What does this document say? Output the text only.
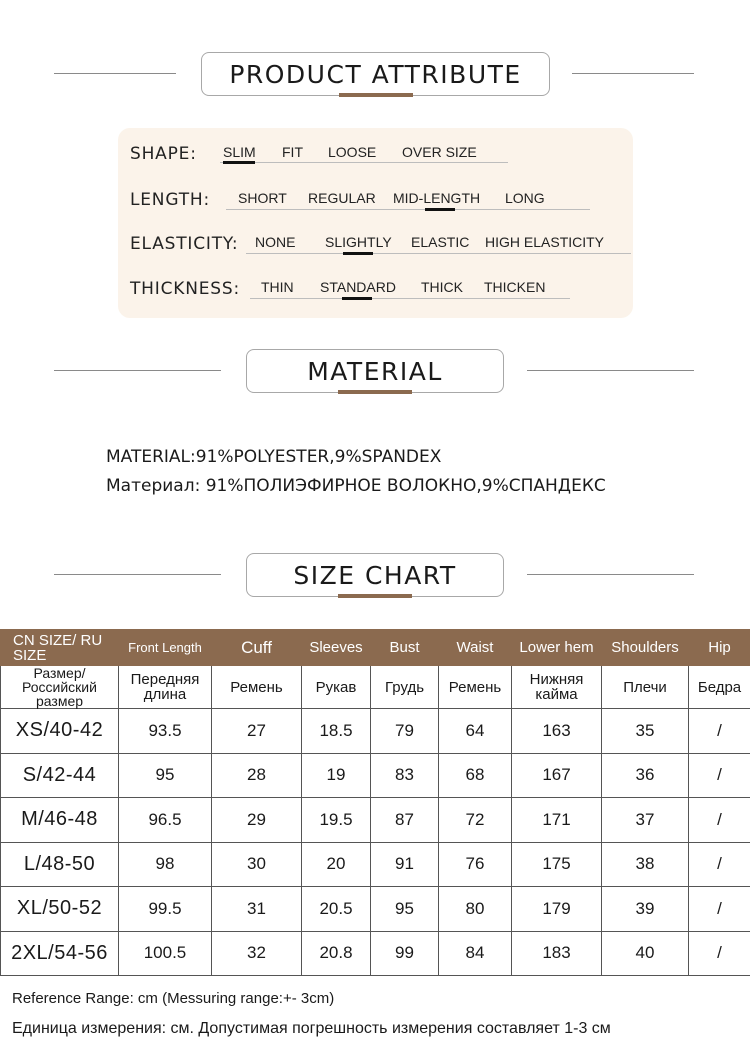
PRODUCT ATTRIBUTE
SHAPE: SLIM FIT LOOSE OVER SIZE
LENGTH: SHORT REGULAR MID-LENGTH LONG
ELASTICITY: NONE SLIGHTLY ELASTIC HIGH ELASTICITY
THICKNESS: THIN STANDARD THICK THICKEN
MATERIAL
MATERIAL:91%POLYESTER,9%SPANDEX
Материал: 91%ПОЛИЭФИРНОЕ ВОЛОКНО,9%СПАНДЕКС
SIZE CHART
CN SIZE/ RU SIZE	Front Length	Cuff	Sleeves	Bust	Waist	Lower hem	Shoulders	Hip
Размер/ Российский размер	Передняя длина	Ремень	Рукав	Грудь	Ремень	Нижняя кайма	Плечи	Бедра
XS/40-42	93.5	27	18.5	79	64	163	35	/
S/42-44	95	28	19	83	68	167	36	/
M/46-48	96.5	29	19.5	87	72	171	37	/
L/48-50	98	30	20	91	76	175	38	/
XL/50-52	99.5	31	20.5	95	80	179	39	/
2XL/54-56	100.5	32	20.8	99	84	183	40	/
Reference Range: cm (Messuring range:+- 3cm)
Единица измерения: см. Допустимая погрешность измерения составляет 1-3 см
